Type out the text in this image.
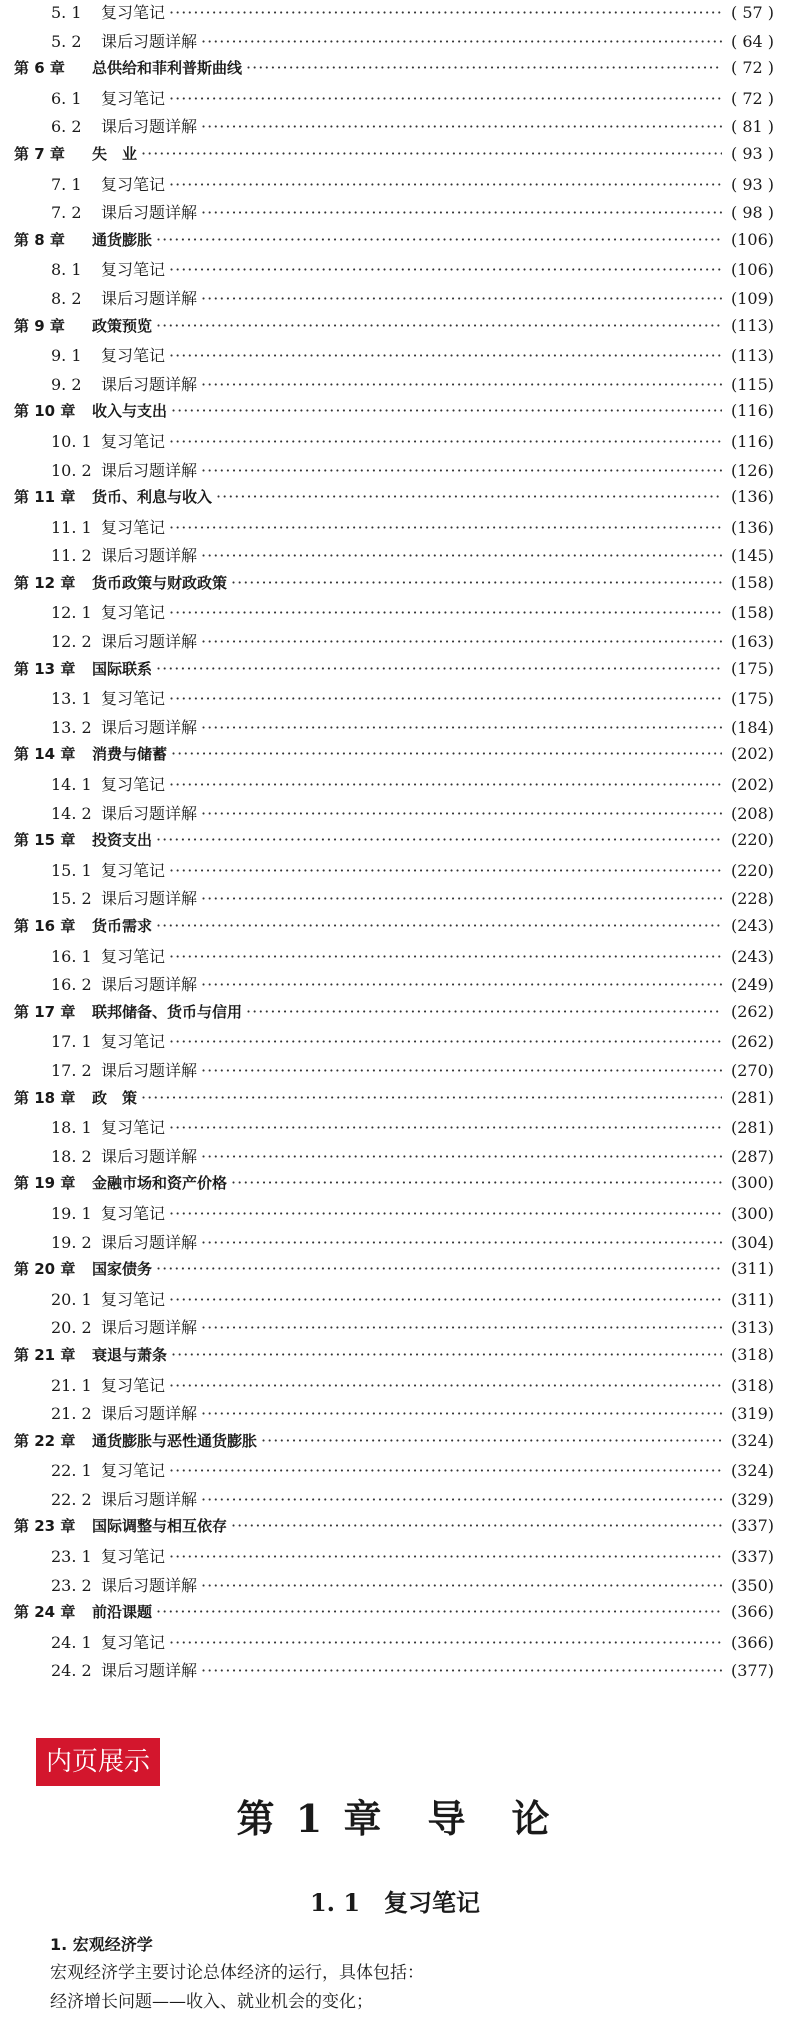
5. 1 复习笔记 ·····	( 57 )
5. 2 课后习题详解 ·····	( 64 )
第 6 章 总供给和菲利普斯曲线 ·····	( 72 )
6. 1 复习笔记 ·····	( 72 )
6. 2 课后习题详解 ·····	( 81 )
第 7 章 失　业 ·····	( 93 )
7. 1 复习笔记 ·····	( 93 )
7. 2 课后习题详解 ·····	( 98 )
第 8 章 通货膨胀 ·····	(106)
8. 1 复习笔记 ·····	(106)
8. 2 课后习题详解 ·····	(109)
第 9 章 政策预览 ·····	(113)
9. 1 复习笔记 ·····	(113)
9. 2 课后习题详解 ·····	(115)
第 10 章 收入与支出 ·····	(116)
10. 1 复习笔记 ·····	(116)
10. 2 课后习题详解 ·····	(126)
第 11 章 货币、利息与收入 ·····	(136)
11. 1 复习笔记 ·····	(136)
11. 2 课后习题详解 ·····	(145)
第 12 章 货币政策与财政政策 ·····	(158)
12. 1 复习笔记 ·····	(158)
12. 2 课后习题详解 ·····	(163)
第 13 章 国际联系 ·····	(175)
13. 1 复习笔记 ·····	(175)
13. 2 课后习题详解 ·····	(184)
第 14 章 消费与储蓄 ·····	(202)
14. 1 复习笔记 ·····	(202)
14. 2 课后习题详解 ·····	(208)
第 15 章 投资支出 ·····	(220)
15. 1 复习笔记 ·····	(220)
15. 2 课后习题详解 ·····	(228)
第 16 章 货币需求 ·····	(243)
16. 1 复习笔记 ·····	(243)
16. 2 课后习题详解 ·····	(249)
第 17 章 联邦储备、货币与信用 ·····	(262)
17. 1 复习笔记 ·····	(262)
17. 2 课后习题详解 ·····	(270)
第 18 章 政　策 ·····	(281)
18. 1 复习笔记 ·····	(281)
18. 2 课后习题详解 ·····	(287)
第 19 章 金融市场和资产价格 ·····	(300)
19. 1 复习笔记 ·····	(300)
19. 2 课后习题详解 ·····	(304)
第 20 章 国家债务 ·····	(311)
20. 1 复习笔记 ·····	(311)
20. 2 课后习题详解 ·····	(313)
第 21 章 衰退与萧条 ·····	(318)
21. 1 复习笔记 ·····	(318)
21. 2 课后习题详解 ·····	(319)
第 22 章 通货膨胀与恶性通货膨胀 ·····	(324)
22. 1 复习笔记 ·····	(324)
22. 2 课后习题详解 ·····	(329)
第 23 章 国际调整与相互依存 ·····	(337)
23. 1 复习笔记 ·····	(337)
23. 2 课后习题详解 ·····	(350)
第 24 章 前沿课题 ·····	(366)
24. 1 复习笔记 ·····	(366)
24. 2 课后习题详解 ·····	(377)
内页展示
第 1 章　导　论
1. 1　复习笔记
1. 宏观经济学
宏观经济学主要讨论总体经济的运行，具体包括：
经济增长问题——收入、就业机会的变化；
